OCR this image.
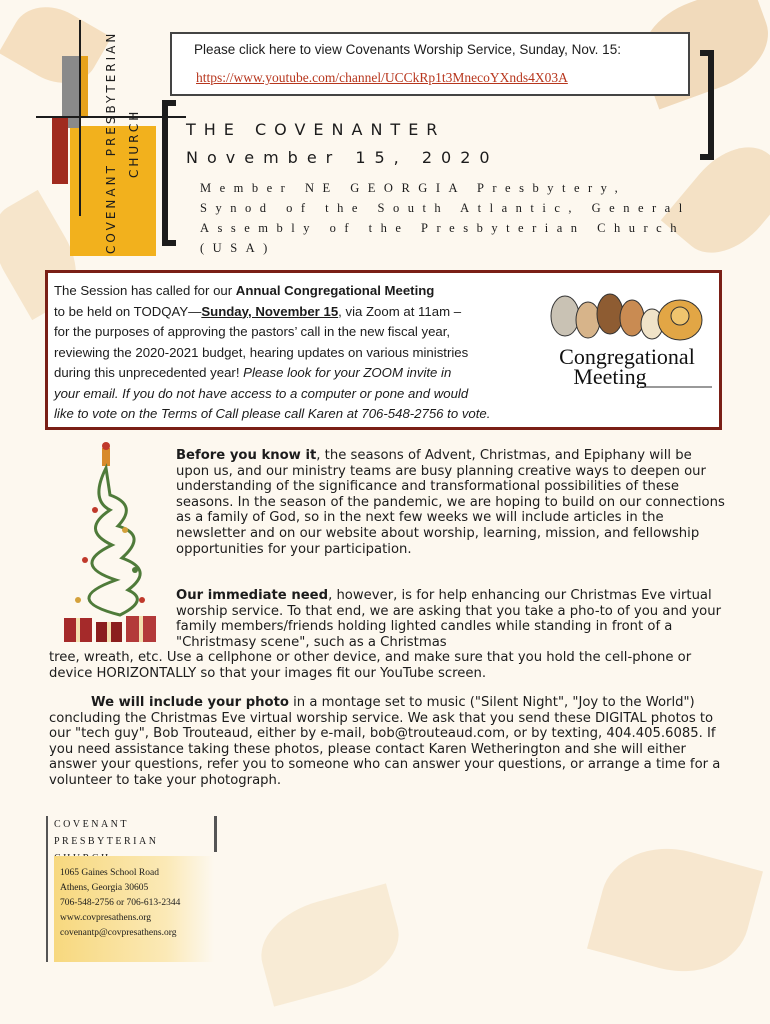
COVENANT PRESBYTERIAN CHURCH
Please click here to view Covenants Worship Service, Sunday, Nov. 15:
https://www.youtube.com/channel/UCCkRp1t3MnecoYXnds4X03A
THE COVENANTER
November 15, 2020
Member NE GEORGIA Presbytery, Synod of the South Atlantic, General Assembly of the Presbyterian Church (USA)

The Session has called for our Annual Congregational Meeting
to be held on TODQAY—Sunday, November 15, via Zoom at 11am –
for the purposes of approving the pastors’ call in the new fiscal year,
reviewing the 2020-2021 budget, hearing updates on various ministries
during this unprecedented year! Please look for your ZOOM invite in
your email. If you do not have access to a computer or pone and would
like to vote on the Terms of Call please call Karen at 706-548-2756 to vote.

Congregational
Meeting
Before you know it, the seasons of Advent, Christmas, and Epiphany will be upon us, and our ministry teams are busy planning creative ways to deepen our understanding of the significance and transformational possibilities of these seasons. In the season of the pandemic, we are hoping to build on our connections as a family of God, so in the next few weeks we will include articles in the newsletter and on our website about worship, learning, mission, and fellowship opportunities for your participation.
Our immediate need, however, is for help enhancing our Christmas Eve virtual worship service. To that end, we are asking that you take a pho-to of you and your family members/friends holding lighted candles while standing in front of a "Christmasy scene", such as a Christmas
tree, wreath, etc. Use a cellphone or other device, and make sure that you hold the cell-phone or device HORIZONTALLY so that your images fit our YouTube screen.
We will include your photo in a montage set to music ("Silent Night", "Joy to the World") concluding the Christmas Eve virtual worship service. We ask that you send these DIGITAL photos to our "tech guy", Bob Trouteaud, either by e-mail, bob@trouteaud.com, or by texting, 404.405.6085. If you need assistance taking these photos, please contact Karen Wetherington and she will either answer your questions, refer you to someone who can answer your questions, or arrange a time for a volunteer to take your photograph.
COVENANT
PRESBYTERIAN
1065 Gaines School Road
Athens, Georgia 30605
706-548-2756 or 706-613-2344
www.covpresathens.org
covenantp@covpresathens.org
